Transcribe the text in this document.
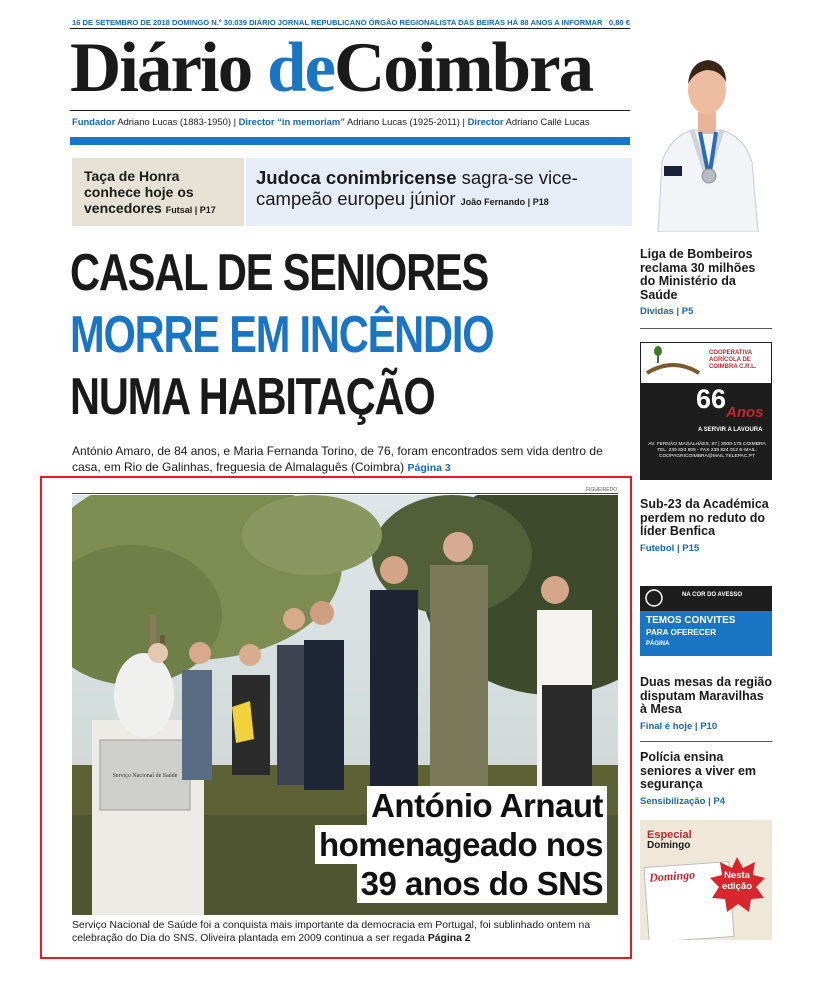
16 DE SETEMBRO DE 2018 DOMINGO N.º 30.039 DIÁRIO JORNAL REPUBLICANO ÓRGÃO REGIONALISTA DAS BEIRAS HÁ 88 ANOS A INFORMAR 0,80 €
Diário deCoimbra
Fundador Adriano Lucas (1883-1950) | Director “in memoriam” Adriano Lucas (1925-2011) | Director Adriano Callé Lucas
Taça de Honra conhece hoje os vencedores Futsal | P17
Judoca conimbricense sagra-se vice-campeão europeu júnior João Fernando | P18
CASAL DE SENIORES
MORRE EM INCÊNDIO
NUMA HABITAÇÃO
António Amaro, de 84 anos, e Maria Fernanda Torino, de 76, foram encontrados sem vida dentro de casa, em Rio de Galinhas, freguesia de Almalaguês (Coimbra) Página 3
FIGUEIREDO
Serviço Nacional de Saúde
António Arnaut
homenageado nos
39 anos do SNS
Serviço Nacional de Saúde foi a conquista mais importante da democracia em Portugal, foi sublinhado ontem na celebração do Dia do SNS. Oliveira plantada em 2009 continua a ser regada Página 2
Liga de Bombeiros reclama 30 milhões do Ministério da Saúde
Dívidas | P5
COOPERATIVA AGRÍCOLA DE COIMBRA C.R.L.
66 Anos
A SERVIR A LAVOURA
AV. FERNÃO MAGALHÃES, 87 | 3000-175 COIMBRA TEL. 239 823 805 - FAX 239 824 012 E-MAIL: COOPAGRICOIMBRA@MAIL.TELEPAC.PT
Sub-23 da Académica perdem no reduto do líder Benfica
Futebol | P15
NA COR DO AVESSO
TEMOS CONVITES
PARA OFERECER
PÁGINA
Duas mesas da região disputam Maravilhas à Mesa
Final é hoje | P10
Polícia ensina seniores a viver em segurança
Sensibilização | P4
Especial
Domingo
Domingo	Nesta edição
